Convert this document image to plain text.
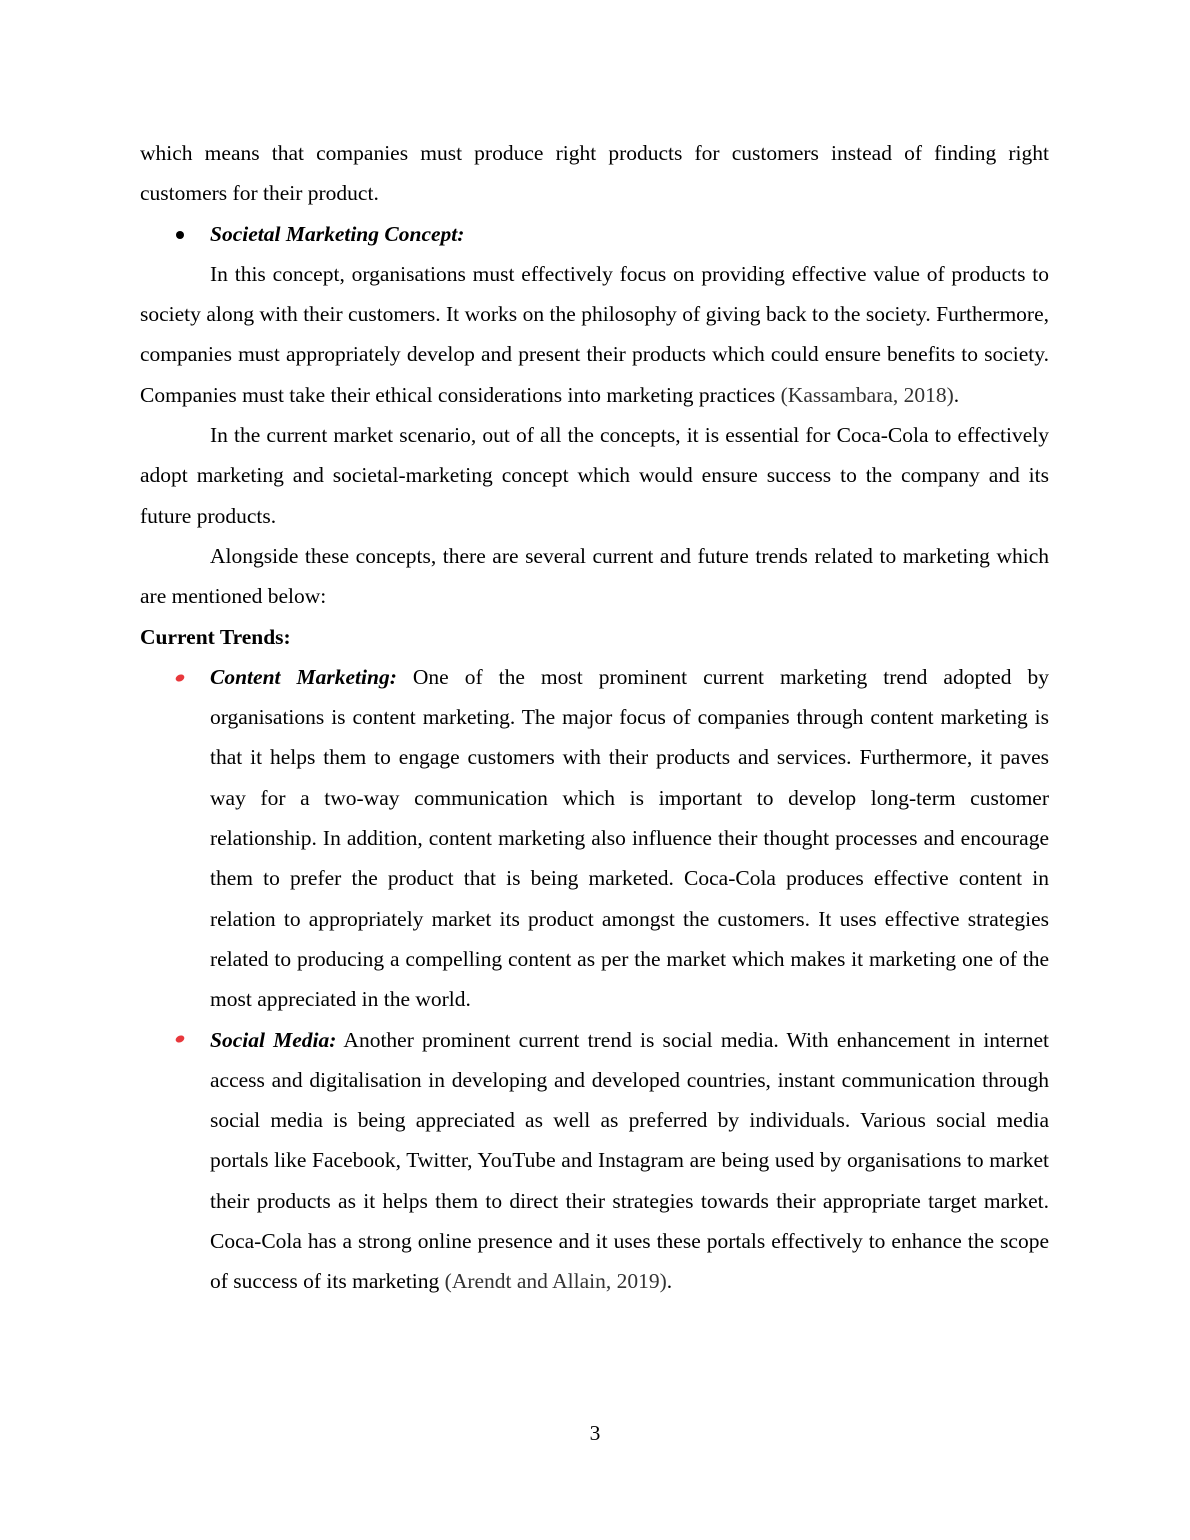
which means that companies must produce right products for customers instead of finding right customers for their product.

Societal Marketing Concept:

In this concept, organisations must effectively focus on providing effective value of products to society along with their customers. It works on the philosophy of giving back to the society. Furthermore, companies must appropriately develop and present their products which could ensure benefits to society. Companies must take their ethical considerations into marketing practices (Kassambara, 2018).

In the current market scenario, out of all the concepts, it is essential for Coca-Cola to effectively adopt marketing and societal-marketing concept which would ensure success to the company and its future products.

Alongside these concepts, there are several current and future trends related to marketing which are mentioned below:

Current Trends:

Content Marketing: One of the most prominent current marketing trend adopted by organisations is content marketing. The major focus of companies through content marketing is that it helps them to engage customers with their products and services. Furthermore, it paves way for a two-way communication which is important to develop long-term customer relationship. In addition, content marketing also influence their thought processes and encourage them to prefer the product that is being marketed. Coca-Cola produces effective content in relation to appropriately market its product amongst the customers. It uses effective strategies related to producing a compelling content as per the market which makes it marketing one of the most appreciated in the world.
Social Media: Another prominent current trend is social media. With enhancement in internet access and digitalisation in developing and developed countries, instant communication through social media is being appreciated as well as preferred by individuals. Various social media portals like Facebook, Twitter, YouTube and Instagram are being used by organisations to market their products as it helps them to direct their strategies towards their appropriate target market. Coca-Cola has a strong online presence and it uses these portals effectively to enhance the scope of success of its marketing (Arendt and Allain, 2019).
3
